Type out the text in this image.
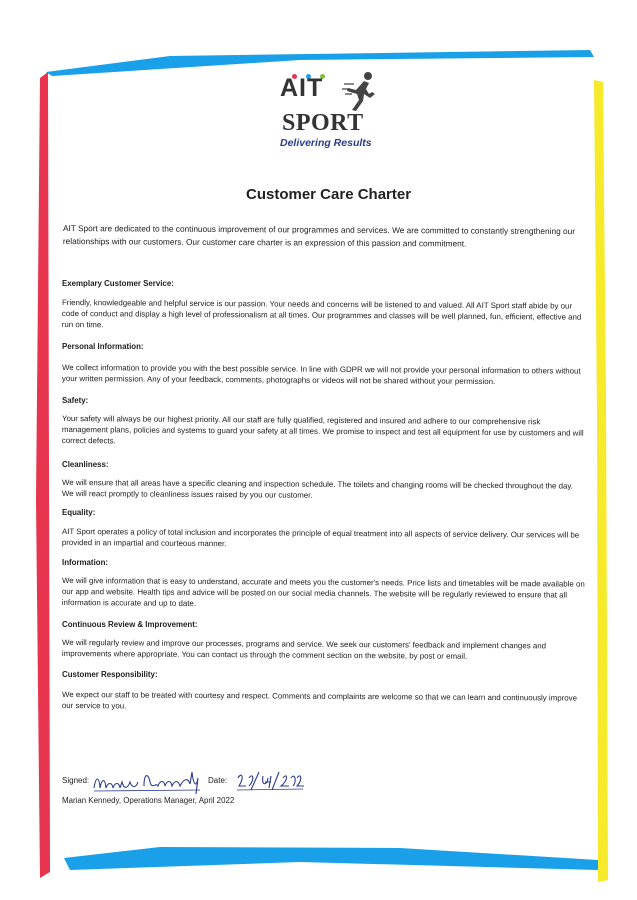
AIT
SPORT
Delivering Results
Customer Care Charter
AIT Sport are dedicated to the continuous improvement of our programmes and services. We are committed to constantly strengthening our relationships with our customers. Our customer care charter is an expression of this passion and commitment.
Exemplary Customer Service:
Friendly, knowledgeable and helpful service is our passion. Your needs and concerns will be listened to and valued. All AIT Sport staff abide by our code of conduct and display a high level of professionalism at all times. Our programmes and classes will be well planned, fun, efficient, effective and run on time.
Personal Information:
We collect information to provide you with the best possible service. In line with GDPR we will not provide your personal information to others without your written permission. Any of your feedback, comments, photographs or videos will not be shared without your permission.
Safety:
Your safety will always be our highest priority. All our staff are fully qualified, registered and insured and adhere to our comprehensive risk management plans, policies and systems to guard your safety at all times. We promise to inspect and test all equipment for use by customers and will correct defects.
Cleanliness:
We will ensure that all areas have a specific cleaning and inspection schedule. The toilets and changing rooms will be checked throughout the day. We will react promptly to cleanliness issues raised by you our customer.
Equality:
AIT Sport operates a policy of total inclusion and incorporates the principle of equal treatment into all aspects of service delivery. Our services will be provided in an impartial and courteous manner.
Information:
We will give information that is easy to understand, accurate and meets you the customer's needs. Price lists and timetables will be made available on our app and website. Health tips and advice will be posted on our social media channels. The website will be regularly reviewed to ensure that all information is accurate and up to date.
Continuous Review & Improvement:
We will regularly review and improve our processes, programs and service. We seek our customers' feedback and implement changes and improvements where appropriate. You can contact us through the comment section on the website, by post or email.
Customer Responsibility:
We expect our staff to be treated with courtesy and respect. Comments and complaints are welcome so that we can learn and continuously improve our service to you.
Signed:	Date:
Marian Kennedy, Operations Manager, April 2022
